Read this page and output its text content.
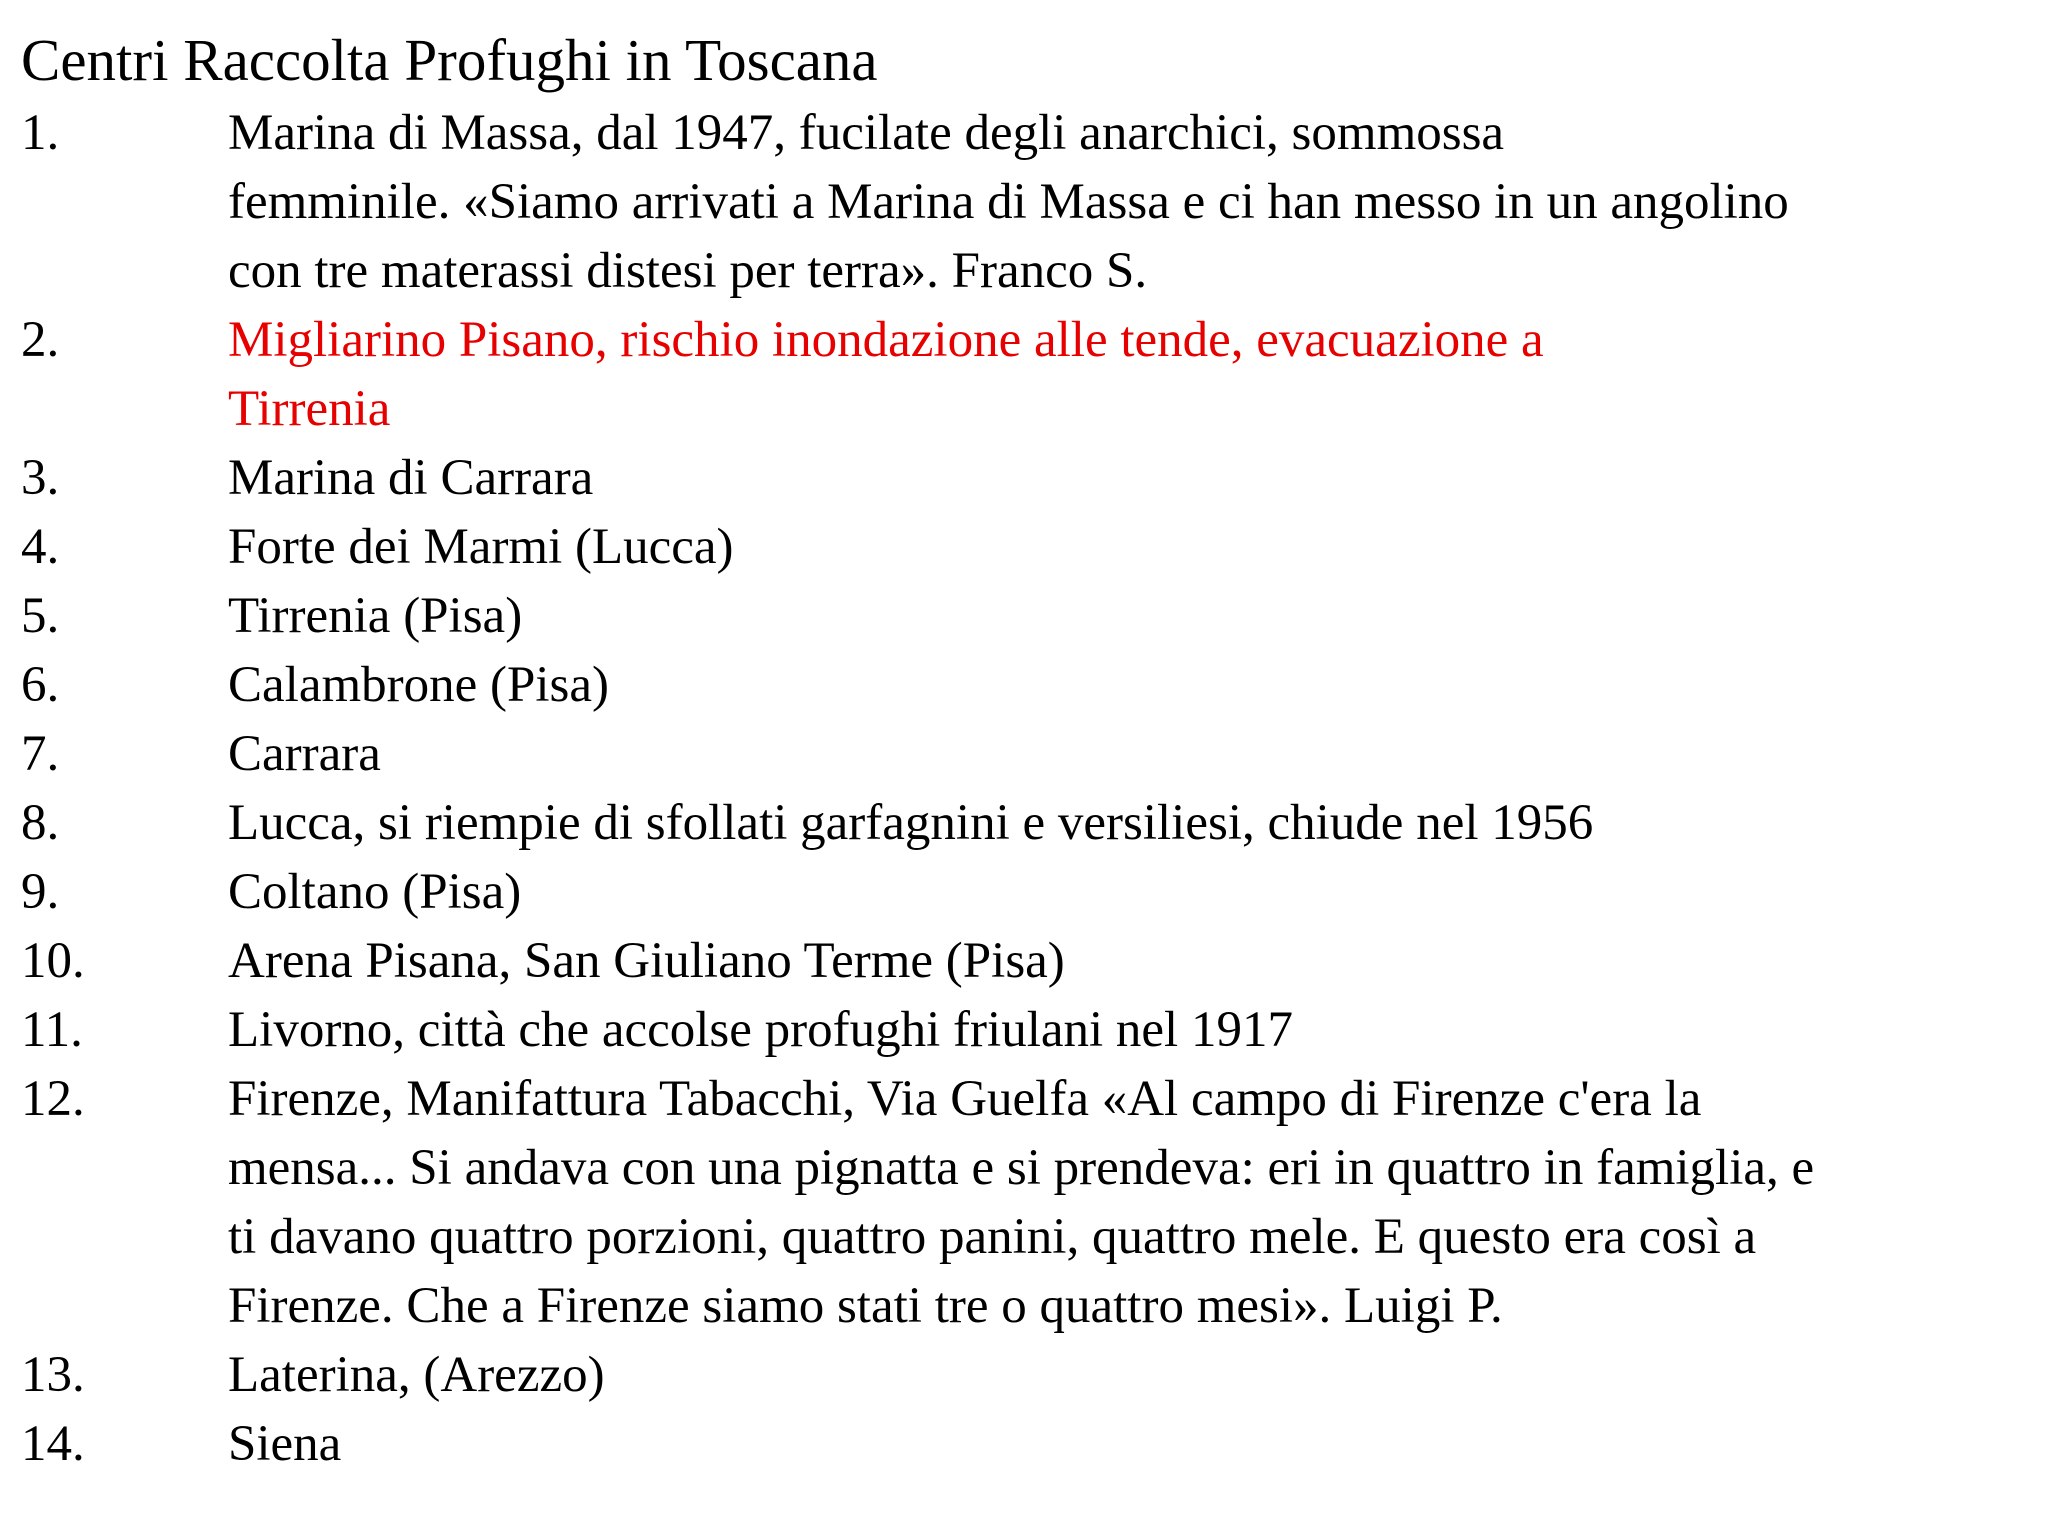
Centri Raccolta Profughi in Toscana
1.	Marina di Massa, dal 1947, fucilate degli anarchici, sommossa
femminile. «Siamo arrivati a Marina di Massa e ci han messo in un angolino
con tre materassi distesi per terra». Franco S.
2.	Migliarino Pisano, rischio inondazione alle tende, evacuazione a
Tirrenia
3.	Marina di Carrara
4.	Forte dei Marmi (Lucca)
5.	Tirrenia (Pisa)
6.	Calambrone (Pisa)
7.	Carrara
8.	Lucca, si riempie di sfollati garfagnini e versiliesi, chiude nel 1956
9.	Coltano (Pisa)
10.	Arena Pisana, San Giuliano Terme (Pisa)
11.	Livorno, città che accolse profughi friulani nel 1917
12.	Firenze, Manifattura Tabacchi, Via Guelfa «Al campo di Firenze c'era la
mensa... Si andava con una pignatta e si prendeva: eri in quattro in famiglia, e
ti davano quattro porzioni, quattro panini, quattro mele. E questo era così a
Firenze. Che a Firenze siamo stati tre o quattro mesi». Luigi P.
13.	Laterina, (Arezzo)
14.	Siena
